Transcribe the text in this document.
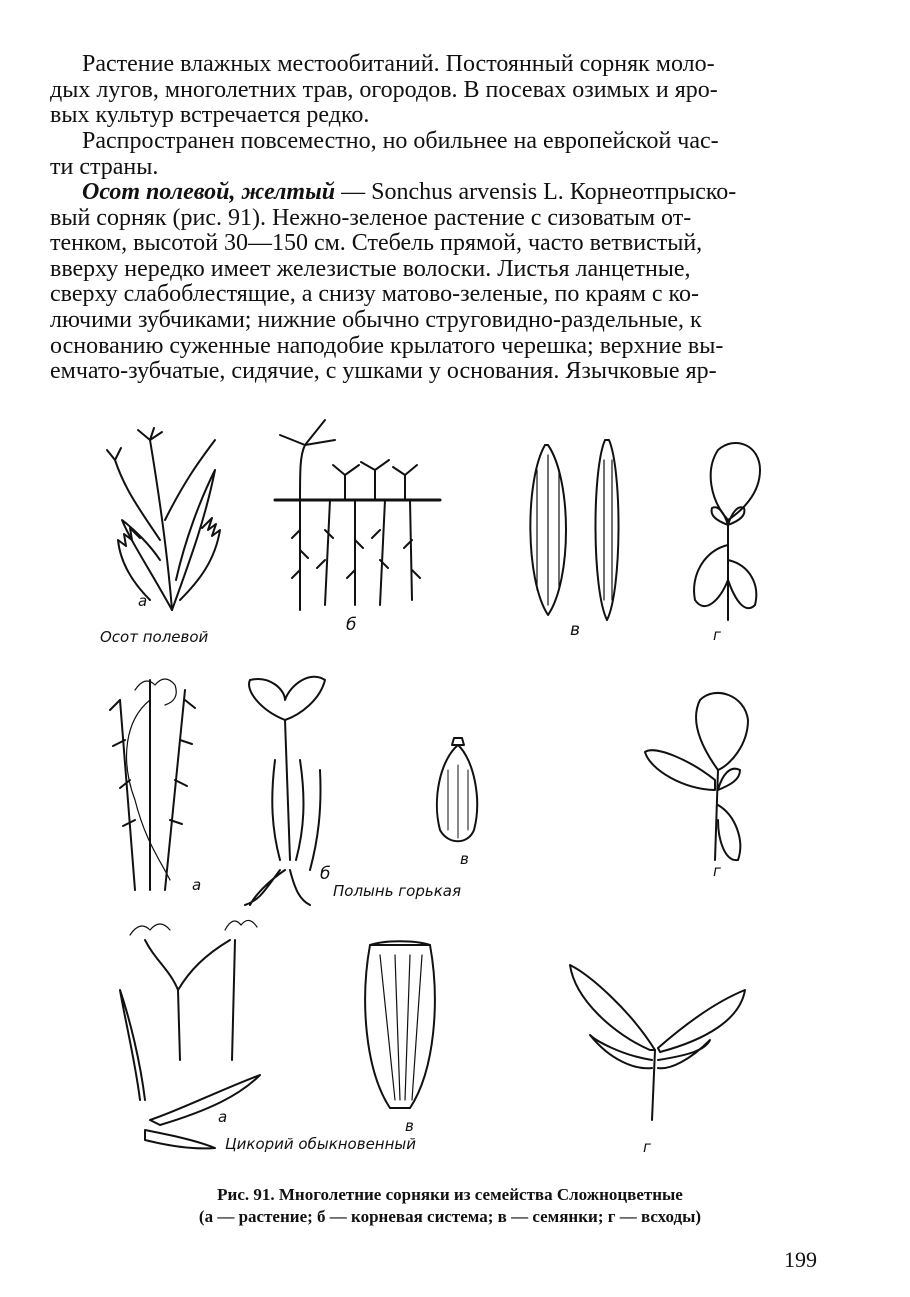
Растение влажных местообитаний. Постоянный сорняк моло-
дых лугов, многолетних трав, огородов. В посевах озимых и яро-
вых культур встречается редко.

Распространен повсеместно, но обильнее на европейской час-
ти страны.

Осот полевой, желтый — Sonchus arvensis L. Корнеотпрыско-
вый сорняк (рис. 91). Нежно-зеленое растение с сизоватым от-
тенком, высотой 30—150 см. Стебель прямой, часто ветвистый,
вверху нередко имеет железистые волоски. Листья ланцетные,
сверху слабоблестящие, а снизу матово-зеленые, по краям с ко-
лючими зубчиками; нижние обычно струговидно-раздельные, к
основанию суженные наподобие крылатого черешка; верхние вы-
емчато-зубчатые, сидячие, с ушками у основания. Язычковые яр-

а
б	в	г
Осот полевой
а
б
в
г
Полынь горькая
а	в
г
Цикорий обыкновенный
Рис. 91. Многолетние сорняки из семейства Сложноцветные
(а — растение; б — корневая система; в — семянки; г — всходы)
199
